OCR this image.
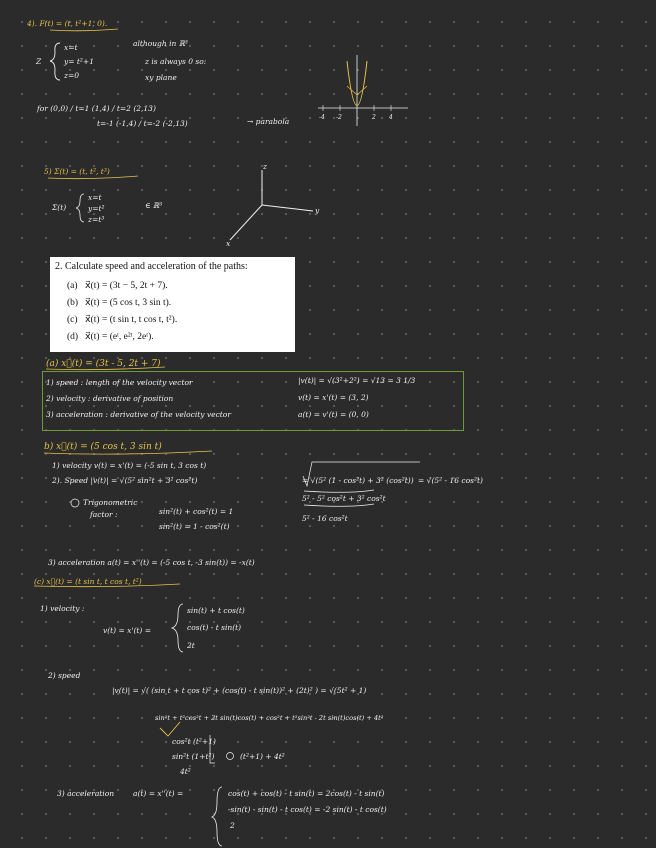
4). F(t) = (t, t²+1, 0).
Z
x=t
y= t²+1
z=0
although in ℝ³
z is always 0 so:
xy plane
for (0,0) / t=1 (1,4) / t=2 (2,13)
t=-1 (-1,4) / t=-2 (-2,13)	→ parabola	-4 -2	2 4
5) Σ(t) = (t, t², t³)
Σ(t)
x=t
y=t²
z=t³
∈ ℝ³
z
y
x
2. Calculate speed and acceleration of the paths:
(a) x⃗(t) = (3t − 5, 2t + 7).
(b) x⃗(t) = (5 cos t, 3 sin t).
(c) x⃗(t) = (t sin t, t cos t, t²).
(d) x⃗(t) = (eᵗ, e²ᵗ, 2eᵗ).
(a) x⃗(t) = (3t - 5, 2t + 7)
1) speed : length of the velocity vector
2) velocity : derivative of position
3) acceleration : derivative of the velocity vector
|v(t)| = √(3²+2²) = √13 = 3 1/3
v(t) = x'(t) = (3, 2)
a(t) = v'(t) = (0, 0)
b) x⃗(t) = (5 cos t, 3 sin t)
1) velocity v(t) = x'(t) = (-5 sin t, 3 cos t)
2). Speed |v(t)| = √(5² sin²t + 3² cos²t)	= √(5² (1 - cos²t) + 3² (cos²t)) = √(5² - 16 cos²t)
5² - 5² cos²t + 3² cos²t
5² - 16 cos²t
Trigonometric
factor :	sin²(t) + cos²(t) = 1
sin²(t) = 1 - cos²(t)
3) acceleration a(t) = x''(t) = (-5 cos t, -3 sin(t)) = -x(t)
(c) x⃗(t) = (t sin t, t cos t, t²)
1) velocity :
v(t) = x'(t) =
sin(t) + t cos(t)
cos(t) - t sin(t)
2t
2) speed
|v(t)| = √( (sin t + t cos t)² + (cos(t) - t sin(t))² + (2t)² ) = √(5t² + 1)
sin²t + t²cos²t + 2t sin(t)cos(t) + cos²t + t²sin²t - 2t sin(t)cos(t) + 4t²
cos²t (t²+1)
sin²t (1+t²)	(t²+1) + 4t²
4t²
3) acceleration	a(t) = x''(t) =	cos(t) + cos(t) - t sin(t) = 2cos(t) - t sin(t)
-sin(t) - sin(t) - t cos(t) = -2 sin(t) - t cos(t)
2
